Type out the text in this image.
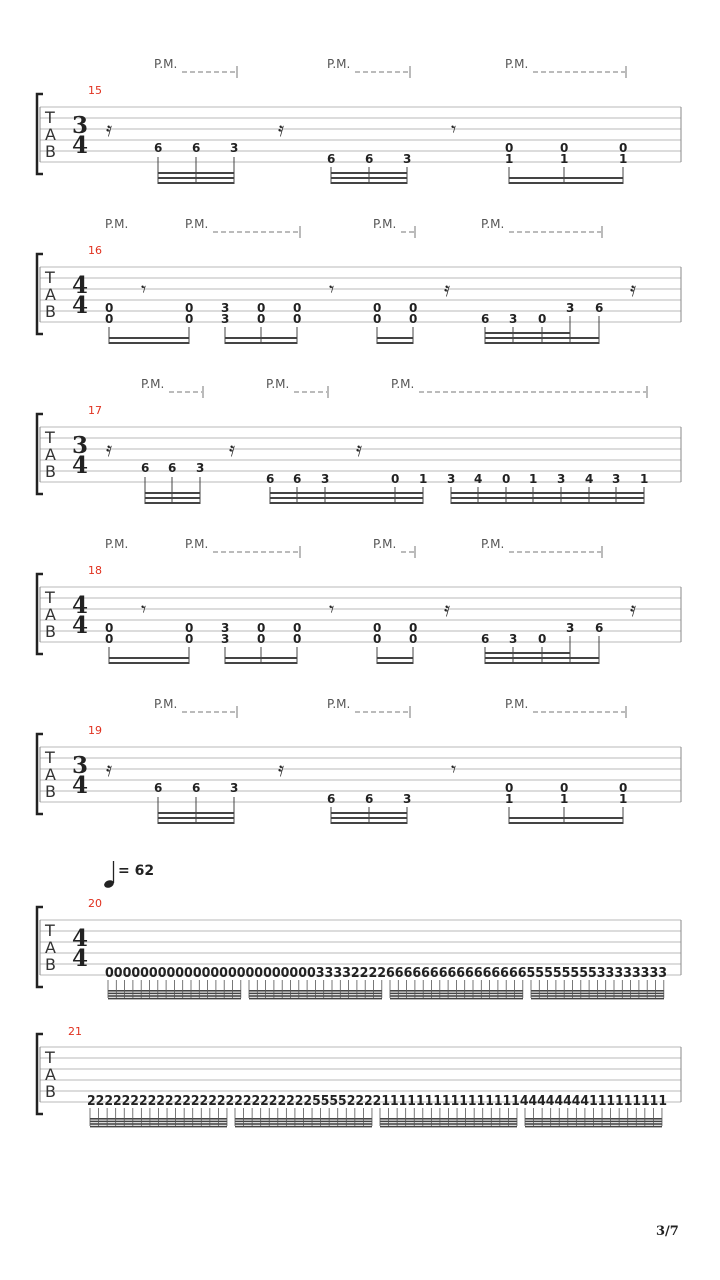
P.M.	P.M.	P.M.
15
T
A
B
3
4
𝄿
6 6 3
𝄿
6 6 3
𝄾
0
1
0
1
0
1
P.M.	P.M.	P.M.	P.M.
16
T
A
B
4
4 0
0
𝄾
0
0
3
3
0
0
0
0
𝄾
0
0
0
0
𝄿
6 3 0
3 6
𝄿
P.M.	P.M.	P.M.
17
T
A
B
3
4
𝄿
6 6 3
𝄿
6 6 3	0 1
𝄿
3 4 0 1 3 4 3 1
P.M.	P.M.	P.M.	P.M.
18
T
A
B
4
4 0
0
𝄾
0
0
3
3
0
0
0
0
𝄾
0
0
0
0
𝄿
6 3 0
3 6
𝄿
P.M.	P.M.	P.M.
19
T
A
B
3
4
𝄿
6 6 3
𝄿
6 6 3
𝄾
0
1
0
1
0
1
= 62
20
T
A
B
4
4
0000000000000000000000003333222266666666666666665555555533333333
21
T
A
B
2222222222222222222222222255552222111111111111111144444444111111111
3/7
